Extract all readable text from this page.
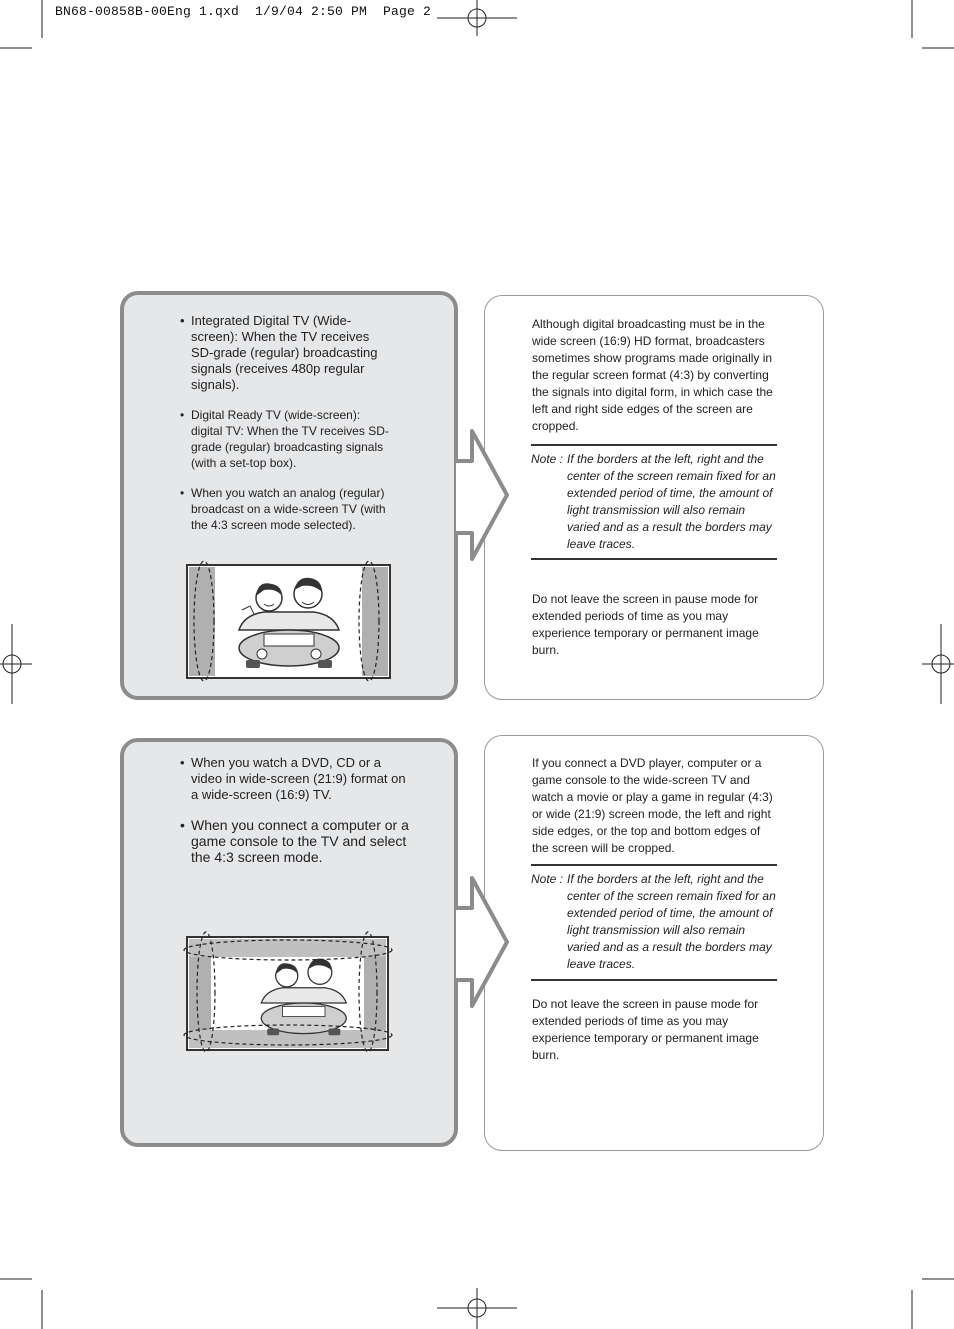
BN68-00858B-00Eng 1.qxd  1/9/04 2:50 PM  Page 2
• Integrated Digital TV (Wide-screen): When the TV receives SD-grade (regular) broadcasting signals (receives 480p regular signals).
• Digital Ready TV (wide-screen): digital TV: When the TV receives SD-grade (regular) broadcasting signals (with a set-top box).
• When you watch an analog (regular) broadcast on a wide-screen TV (with the 4:3 screen mode selected).
Although digital broadcasting must be in the wide screen (16:9) HD format, broadcasters sometimes show programs made originally in the regular screen format (4:3) by converting the signals into digital form, in which case the left and right side edges of the screen are cropped.
Note : If the borders at the left, right and the center of the screen remain fixed for an extended period of time, the amount of light transmission will also remain varied and as a result the borders may leave traces.
Do not leave the screen in pause mode for extended periods of time as you may experience temporary or permanent image burn.
• When you watch a DVD, CD or a video in wide-screen (21:9) format on a wide-screen (16:9) TV.
• When you connect a computer or a game console to the TV and select the 4:3 screen mode.
If you connect a DVD player, computer or a game console to the wide-screen TV and watch a movie or play a game in regular (4:3) or wide (21:9) screen mode, the left and right side edges, or the top and bottom edges of the screen will be cropped.
Note : If the borders at the left, right and the center of the screen remain fixed for an extended period of time, the amount of light transmission will also remain varied and as a result the borders may leave traces.
Do not leave the screen in pause mode for extended periods of time as you may experience temporary or permanent image burn.
